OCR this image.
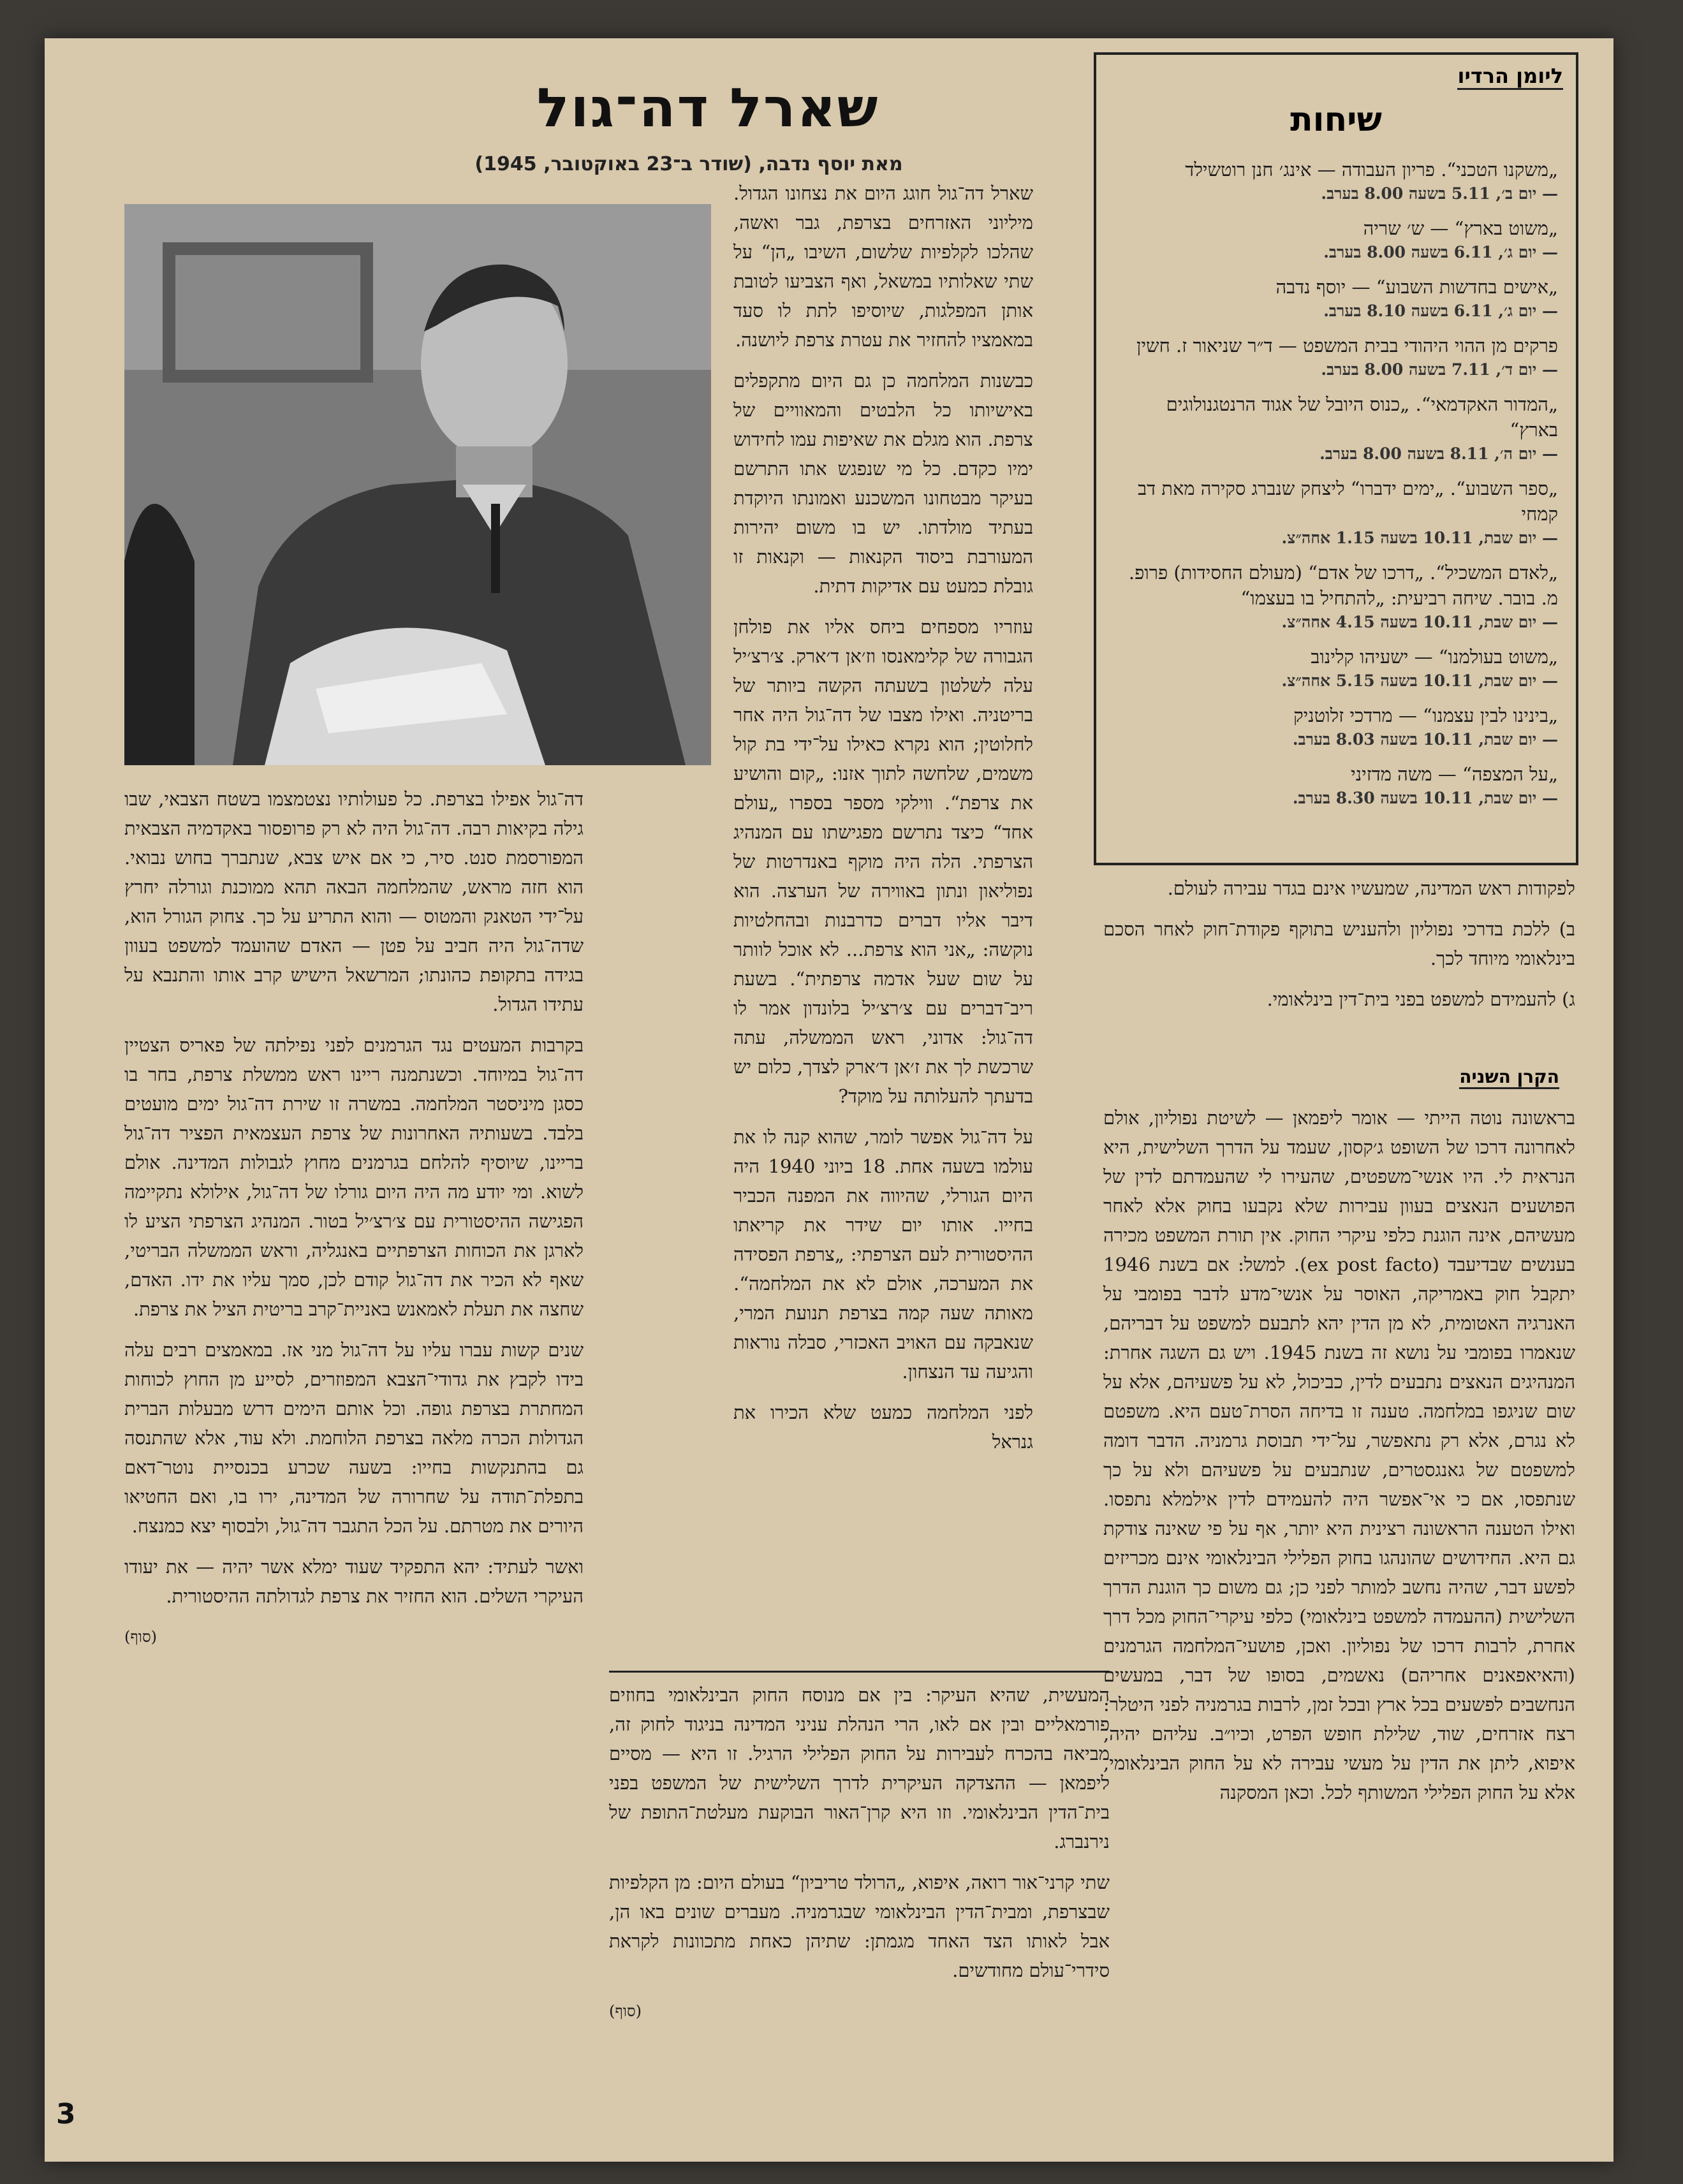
שארל דה־גול
מאת יוסף נדבה, (שודר ב־23 באוקטובר, 1945)

שארל דה־גול חוגג היום את נצחונו הגדול. מיליוני האזרחים בצרפת, גבר ואשה, שהלכו לקלפיות שלשום, השיבו „הן“ על שתי שאלותיו במשאל, ואף הצביעו לטובת אותן המפלגות, שיוסיפו לתת לו סעד במאמציו להחזיר את עטרת צרפת ליושנה.

כבשנות המלחמה כן גם היום מתקפלים באישיותו כל הלבטים והמאוויים של צרפת. הוא מגלם את שאיפות עמו לחידוש ימיו כקדם. כל מי שנפגש אתו התרשם בעיקר מבטחונו המשכנע ואמונתו היוקדת בעתיד מולדתו. יש בו משום יהירות המעורבת ביסוד הקנאות — וקנאות זו גובלת כמעט עם אדיקות דתית.

עוזריו מספחים ביחס אליו את פולחן הגבורה של קלימאנסו וז׳אן ד׳ארק. צ׳רצ׳יל עלה לשלטון בשעתה הקשה ביותר של בריטניה. ואילו מצבו של דה־גול היה אחר לחלוטין; הוא נקרא כאילו על־ידי בת קול משמים, שלחשה לתוך אזנו: „קום והושיע את צרפת“. ווילקי מספר בספרו „עולם אחד“ כיצד נתרשם מפגישתו עם המנהיג הצרפתי. הלה היה מוקף באנדרטות של נפוליאון ונתון באווירה של הערצה. הוא דיבר אליו דברים כדרבנות ובהחלטיות נוקשה: „אני הוא צרפת... לא אוכל לוותר על שום שעל אדמה צרפתית“. בשעת ריב־דברים עם צ׳רצ׳יל בלונדון אמר לו דה־גול: אדוני, ראש הממשלה, עתה שרכשת לך את ז׳אן ד׳ארק לצדך, כלום יש בדעתך להעלותה על מוקד?

על דה־גול אפשר לומר, שהוא קנה לו את עולמו בשעה אחת. 18 ביוני 1940 היה היום הגורלי, שהיווה את המפנה הכביר בחייו. אותו יום שידר את קריאתו ההיסטורית לעם הצרפתי: „צרפת הפסידה את המערכה, אולם לא את המלחמה“. מאותה שעה קמה בצרפת תנועת המרי, שנאבקה עם האויב האכזרי, סבלה נוראות והגיעה עד הנצחון.

לפני המלחמה כמעט שלא הכירו את גנראל

דה־גול אפילו בצרפת. כל פעולותיו נצטמצמו בשטח הצבאי, שבו גילה בקיאות רבה. דה־גול היה לא רק פרופסור באקדמיה הצבאית המפורסמת סנט. סיר, כי אם איש צבא, שנתברך בחוש נבואי. הוא חזה מראש, שהמלחמה הבאה תהא ממוכנת וגורלה יחרץ על־ידי הטאנק והמטוס — והוא התריע על כך. צחוק הגורל הוא, שדה־גול היה חביב על פטן — האדם שהועמד למשפט בעוון בגידה בתקופת כהונתו; המרשאל הישיש קרב אותו והתנבא על עתידו הגדול.

בקרבות המעטים נגד הגרמנים לפני נפילתה של פאריס הצטיין דה־גול במיוחד. וכשנתמנה ריינו ראש ממשלת צרפת, בחר בו כסגן מיניסטר המלחמה. במשרה זו שירת דה־גול ימים מועטים בלבד. בשעותיה האחרונות של צרפת העצמאית הפציר דה־גול בריינו, שיוסיף להלחם בגרמנים מחוץ לגבולות המדינה. אולם לשוא. ומי יודע מה היה היום גורלו של דה־גול, אילולא נתקיימה הפגישה ההיסטורית עם צ׳רצ׳יל בטור. המנהיג הצרפתי הציע לו לארגן את הכוחות הצרפתיים באנגליה, וראש הממשלה הבריטי, שאף לא הכיר את דה־גול קודם לכן, סמך עליו את ידו. האדם, שחצה את תעלת לאמאנש באניית־קרב בריטית הציל את צרפת.

שנים קשות עברו עליו על דה־גול מני אז. במאמצים רבים עלה בידו לקבץ את גדודי־הצבא המפוזרים, לסייע מן החוץ לכוחות המחתרת בצרפת גופה. וכל אותם הימים דרש מבעלות הברית הגדולות הכרה מלאה בצרפת הלוחמת. ולא עוד, אלא שהתנסה גם בהתנקשות בחייו: בשעה שכרע בכנסיית נוטר־דאם בתפלת־תודה על שחרורה של המדינה, ירו בו, ואם החטיאו היורים את מטרתם. על הכל התגבר דה־גול, ולבסוף יצא כמנצח.

ואשר לעתיד: יהא התפקיד שעוד ימלא אשר יהיה — את יעודו העיקרי השלים. הוא החזיר את צרפת לגדולתה ההיסטורית.

(סוף)

המעשית, שהיא העיקר: בין אם מנוסח החוק הבינלאומי בחוזים פורמאליים ובין אם לאו, הרי הנהלת עניני המדינה בניגוד לחוק זה, מביאה בהכרח לעבירות על החוק הפלילי הרגיל. זו היא — מסיים ליפמאן — ההצדקה העיקרית לדרך השלישית של המשפט בפני בית־הדין הבינלאומי. וזו היא קרן־האור הבוקעת מעלטת־התופת של נירנברג.

שתי קרני־אור רואה, איפוא, „הרולד טריביון“ בעולם היום: מן הקלפיות שבצרפת, ומבית־הדין הבינלאומי שבגרמניה. מעברים שונים באו הן, אבל לאותו הצד האחד מגמתן: שתיהן כאחת מתכוונות לקראת סידרי־עולם מחודשים.

(סוף)

ליומן הרדיו
שיחות
„משקנו הטכני“. פריון העבודה — אינג׳ חנן רוטשילד
— יום ב׳, 5.11 בשעה 8.00 בערב.
„משוט בארץ“ — ש׳ שריה
— יום ג׳, 6.11 בשעה 8.00 בערב.
„אישים בחדשות השבוע“ — יוסף נדבה
— יום ג׳, 6.11 בשעה 8.10 בערב.
פרקים מן ההוי היהודי בבית המשפט — ד״ר שניאור ז. חשין
— יום ד׳, 7.11 בשעה 8.00 בערב.
„המדור האקדמאי“. „כנוס היובל של אגוד הרנטגנולוגים בארץ“
— יום ה׳, 8.11 בשעה 8.00 בערב.
„ספר השבוע“. „ימים ידברו“ ליצחק שנברג סקירה מאת דב קמחי
— יום שבת, 10.11 בשעה 1.15 אחה״צ.
„לאדם המשכיל“. „דרכו של אדם“ (מעולם החסידות) פרופ. מ. בובר. שיחה רביעית: „להתחיל בו בעצמו“
— יום שבת, 10.11 בשעה 4.15 אחה״צ.
„משוט בעולמנו“ — ישעיהו קלינוב
— יום שבת, 10.11 בשעה 5.15 אחה״צ.
„בינינו לבין עצמנו“ — מרדכי זלוטניק
— יום שבת, 10.11 בשעה 8.03 בערב.
„על המצפה“ — משה מדזיני
— יום שבת, 10.11 בשעה 8.30 בערב.

לפקודות ראש המדינה, שמעשיו אינם בגדר עבירה לעולם.

ב) ללכת בדרכי נפוליון ולהעניש בתוקף פקודת־חוק לאחר הסכם בינלאומי מיוחד לכך.

ג) להעמידם למשפט בפני בית־דין בינלאומי.

הקרן השניה

בראשונה נוטה הייתי — אומר ליפמאן — לשיטת נפוליון, אולם לאחרונה דרכו של השופט ג׳קסון, שעמד על הדרך השלישית, היא הנראית לי. היו אנשי־משפטים, שהעירו לי שהעמדתם לדין של הפושעים הנאצים בעוון עבירות שלא נקבעו בחוק אלא לאחר מעשיהם, אינה הוגנת כלפי עיקרי החוק. אין תורת המשפט מכירה בענשים שבדיעבד (ex post facto). למשל: אם בשנת 1946 יתקבל חוק באמריקה, האוסר על אנשי־מדע לדבר בפומבי על האנרגיה האטומית, לא מן הדין יהא לתבעם למשפט על דבריהם, שנאמרו בפומבי על נושא זה בשנת 1945. ויש גם השגה אחרת: המנהיגים הנאצים נתבעים לדין, כביכול, לא על פשעיהם, אלא על שום שניגפו במלחמה. טענה זו בדיחה הסרת־טעם היא. משפטם לא נגרם, אלא רק נתאפשר, על־ידי תבוסת גרמניה. הדבר דומה למשפטם של גאנגסטרים, שנתבעים על פשעיהם ולא על כך שנתפסו, אם כי אי־אפשר היה להעמידם לדין אילמלא נתפסו. ואילו הטענה הראשונה רצינית היא יותר, אף על פי שאינה צודקת גם היא. החידושים שהונהגו בחוק הפלילי הבינלאומי אינם מכריזים לפשע דבר, שהיה נחשב למותר לפני כן; גם משום כך הוגנת הדרך השלישית (ההעמדה למשפט בינלאומי) כלפי עיקרי־החוק מכל דרך אחרת, לרבות דרכו של נפוליון. ואכן, פושעי־המלחמה הגרמנים (והאיאפאנים אחריהם) נאשמים, בסופו של דבר, במעשים הנחשבים לפשעים בכל ארץ ובכל זמן, לרבות בגרמניה לפני היטלר: רצח אזרחים, שוד, שלילת חופש הפרט, וכיו״ב. עליהם יהיה, איפוא, ליתן את הדין על מעשי עבירה לא על החוק הבינלאומי, אלא על החוק הפלילי המשותף לכל. וכאן המסקנה

3
